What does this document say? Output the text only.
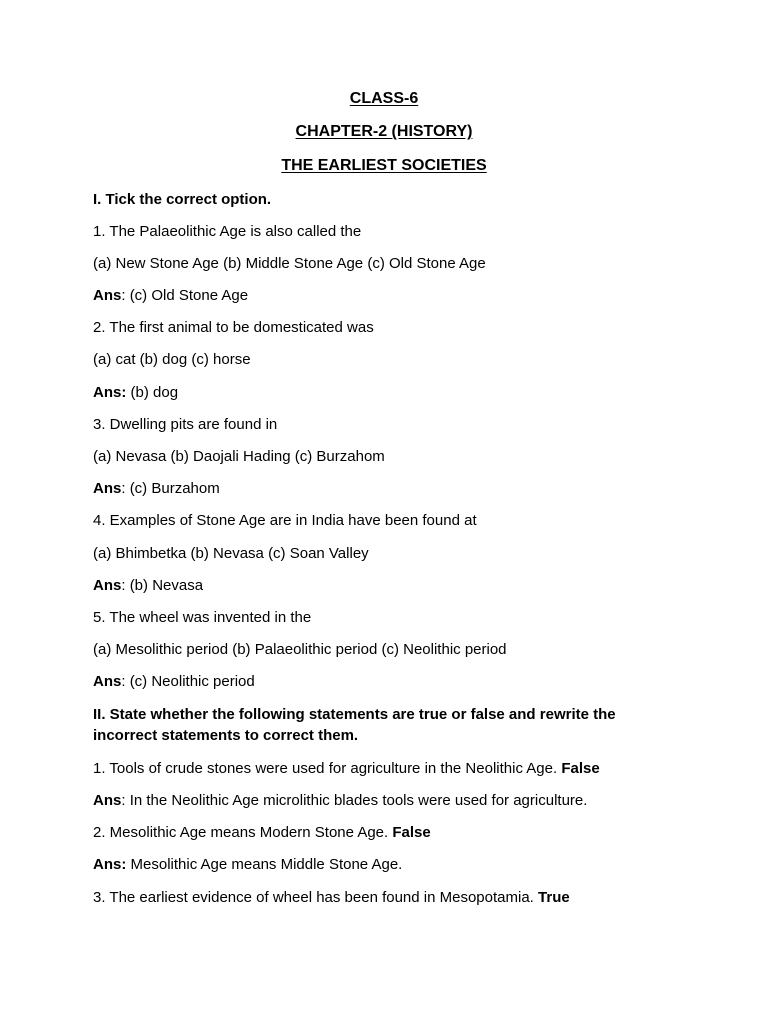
CLASS-6
CHAPTER-2 (HISTORY)
THE EARLIEST SOCIETIES
I. Tick the correct option.
1. The Palaeolithic Age is also called the
(a) New Stone Age (b) Middle Stone Age (c) Old Stone Age
Ans: (c) Old Stone Age
2. The first animal to be domesticated was
(a) cat (b) dog (c) horse
Ans: (b) dog
3. Dwelling pits are found in
(a) Nevasa (b) Daojali Hading (c) Burzahom
Ans: (c) Burzahom
4. Examples of Stone Age are in India have been found at
(a) Bhimbetka (b) Nevasa (c) Soan Valley
Ans: (b) Nevasa
5. The wheel was invented in the
(a) Mesolithic period (b) Palaeolithic period (c) Neolithic period
Ans: (c) Neolithic period
II. State whether the following statements are true or false and rewrite the incorrect statements to correct them.
1. Tools of crude stones were used for agriculture in the Neolithic Age. False
Ans: In the Neolithic Age microlithic blades tools were used for agriculture.
2. Mesolithic Age means Modern Stone Age. False
Ans: Mesolithic Age means Middle Stone Age.
3. The earliest evidence of wheel has been found in Mesopotamia. True
